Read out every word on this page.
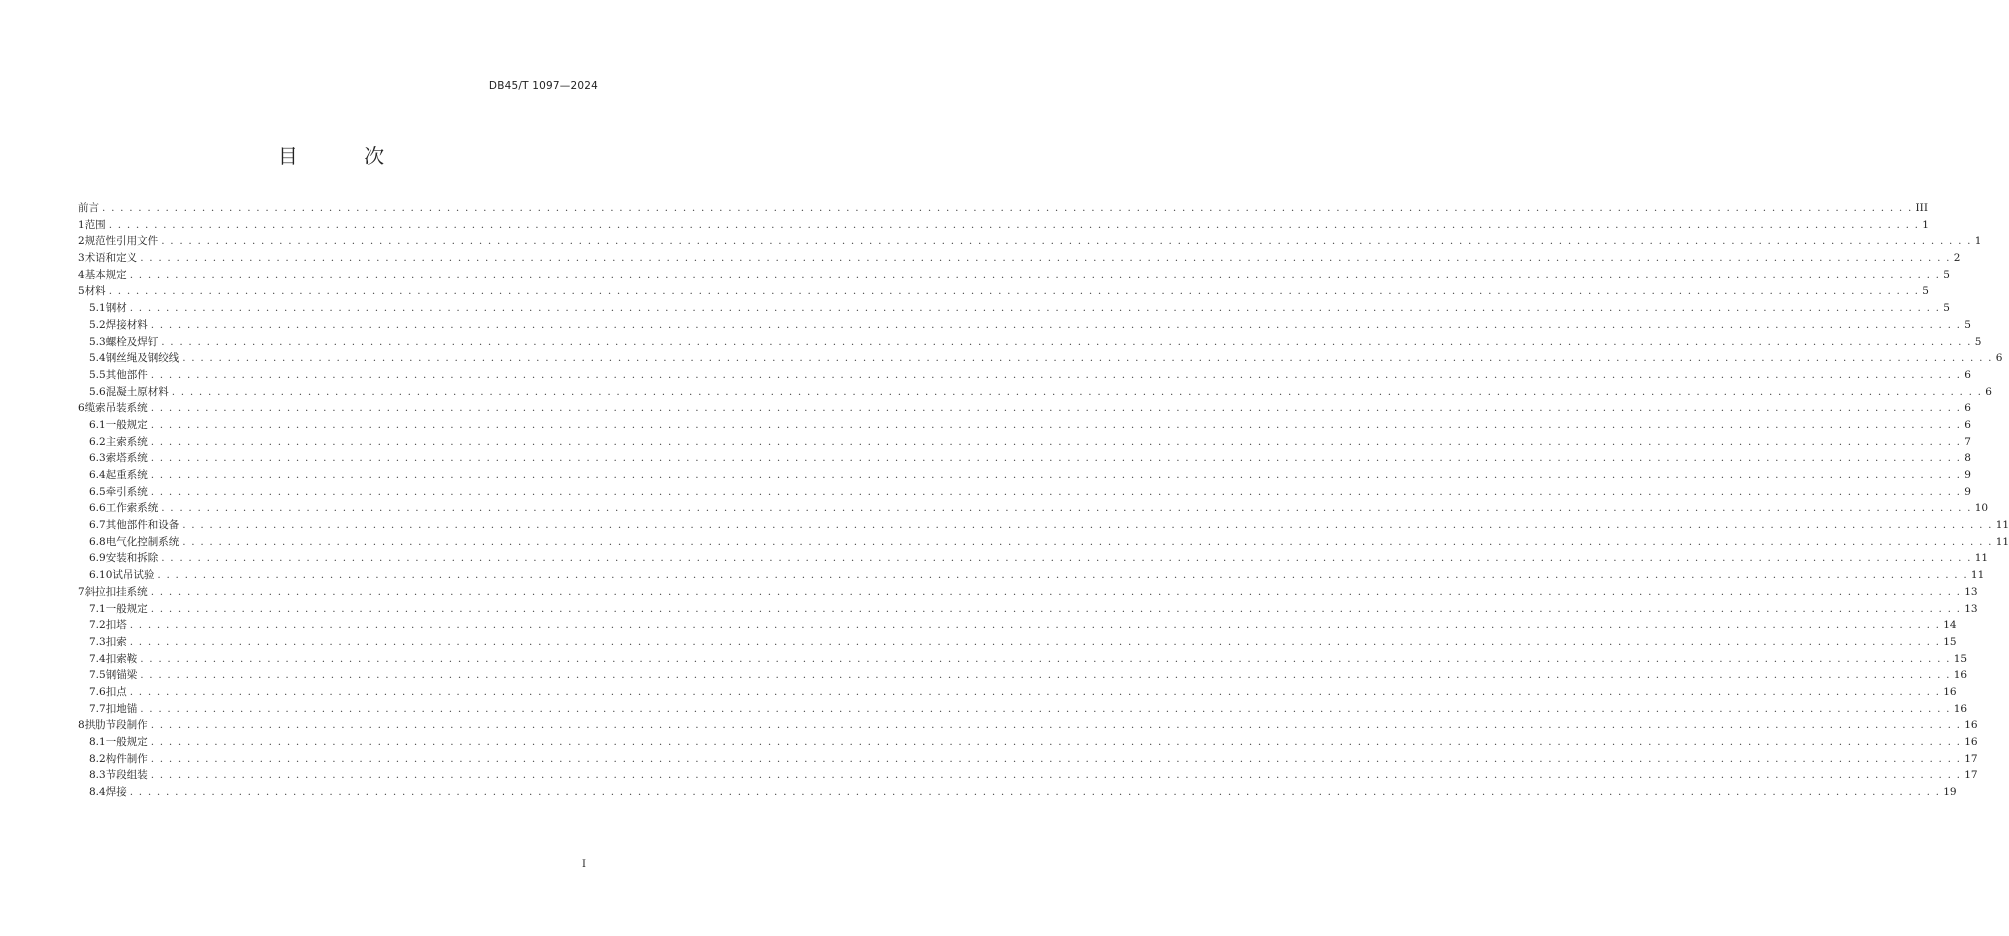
DB45/T 1097—2024
目 次
前言 . . . . . . . . . . . . . . . . . . . . . . . . . . . . . . . . . . . . . . . . . . . . . . . . . . . . . . . . . . . . . . . . . . . . . . . . . . . . . . . . . . . . . . . . . . . . . . . . . . . . . . . . . . . . . . . . . . . . . . . . . . . . . . . . . . . . . . . . . . . . . . . . . . . . . . . . . . . . . . . . . . . . . . . . . . . . . . . . . . . . . . . . . . . . . . . . . . . . . . . . III
1 范围 . . . . . . . . . . . . . . . . . . . . . . . . . . . . . . . . . . . . . . . . . . . . . . . . . . . . . . . . . . . . . . . . . . . . . . . . . . . . . . . . . . . . . . . . . . . . . . . . . . . . . . . . . . . . . . . . . . . . . . . . . . . . . . . . . . . . . . . . . . . . . . . . . . . . . . . . . . . . . . . . . . . . . . . . . . . . . . . . . . . . . . . . . . . . . . . . . . . . . . . . 1
2 规范性引用文件 . . . . . . . . . . . . . . . . . . . . . . . . . . . . . . . . . . . . . . . . . . . . . . . . . . . . . . . . . . . . . . . . . . . . . . . . . . . . . . . . . . . . . . . . . . . . . . . . . . . . . . . . . . . . . . . . . . . . . . . . . . . . . . . . . . . . . . . . . . . . . . . . . . . . . . . . . . . . . . . . . . . . . . . . . . . . . . . . . . . . . . . . . . . . . . . . . . . . . . . . 1
3 术语和定义 . . . . . . . . . . . . . . . . . . . . . . . . . . . . . . . . . . . . . . . . . . . . . . . . . . . . . . . . . . . . . . . . . . . . . . . . . . . . . . . . . . . . . . . . . . . . . . . . . . . . . . . . . . . . . . . . . . . . . . . . . . . . . . . . . . . . . . . . . . . . . . . . . . . . . . . . . . . . . . . . . . . . . . . . . . . . . . . . . . . . . . . . . . . . . . . . . . . . . . . . 2
4 基本规定 . . . . . . . . . . . . . . . . . . . . . . . . . . . . . . . . . . . . . . . . . . . . . . . . . . . . . . . . . . . . . . . . . . . . . . . . . . . . . . . . . . . . . . . . . . . . . . . . . . . . . . . . . . . . . . . . . . . . . . . . . . . . . . . . . . . . . . . . . . . . . . . . . . . . . . . . . . . . . . . . . . . . . . . . . . . . . . . . . . . . . . . . . . . . . . . . . . . . . . . . 5
5 材料 . . . . . . . . . . . . . . . . . . . . . . . . . . . . . . . . . . . . . . . . . . . . . . . . . . . . . . . . . . . . . . . . . . . . . . . . . . . . . . . . . . . . . . . . . . . . . . . . . . . . . . . . . . . . . . . . . . . . . . . . . . . . . . . . . . . . . . . . . . . . . . . . . . . . . . . . . . . . . . . . . . . . . . . . . . . . . . . . . . . . . . . . . . . . . . . . . . . . . . . . 5
5.1 钢材 . . . . . . . . . . . . . . . . . . . . . . . . . . . . . . . . . . . . . . . . . . . . . . . . . . . . . . . . . . . . . . . . . . . . . . . . . . . . . . . . . . . . . . . . . . . . . . . . . . . . . . . . . . . . . . . . . . . . . . . . . . . . . . . . . . . . . . . . . . . . . . . . . . . . . . . . . . . . . . . . . . . . . . . . . . . . . . . . . . . . . . . . . . . . . . . . . . . . . . . . 5
5.2 焊接材料 . . . . . . . . . . . . . . . . . . . . . . . . . . . . . . . . . . . . . . . . . . . . . . . . . . . . . . . . . . . . . . . . . . . . . . . . . . . . . . . . . . . . . . . . . . . . . . . . . . . . . . . . . . . . . . . . . . . . . . . . . . . . . . . . . . . . . . . . . . . . . . . . . . . . . . . . . . . . . . . . . . . . . . . . . . . . . . . . . . . . . . . . . . . . . . . . . . . . . . . . 5
5.3 螺栓及焊钉 . . . . . . . . . . . . . . . . . . . . . . . . . . . . . . . . . . . . . . . . . . . . . . . . . . . . . . . . . . . . . . . . . . . . . . . . . . . . . . . . . . . . . . . . . . . . . . . . . . . . . . . . . . . . . . . . . . . . . . . . . . . . . . . . . . . . . . . . . . . . . . . . . . . . . . . . . . . . . . . . . . . . . . . . . . . . . . . . . . . . . . . . . . . . . . . . . . . . . . . . 5
5.4 钢丝绳及钢绞线 . . . . . . . . . . . . . . . . . . . . . . . . . . . . . . . . . . . . . . . . . . . . . . . . . . . . . . . . . . . . . . . . . . . . . . . . . . . . . . . . . . . . . . . . . . . . . . . . . . . . . . . . . . . . . . . . . . . . . . . . . . . . . . . . . . . . . . . . . . . . . . . . . . . . . . . . . . . . . . . . . . . . . . . . . . . . . . . . . . . . . . . . . . . . . . . . . . . . . . . . 6
5.5 其他部件 . . . . . . . . . . . . . . . . . . . . . . . . . . . . . . . . . . . . . . . . . . . . . . . . . . . . . . . . . . . . . . . . . . . . . . . . . . . . . . . . . . . . . . . . . . . . . . . . . . . . . . . . . . . . . . . . . . . . . . . . . . . . . . . . . . . . . . . . . . . . . . . . . . . . . . . . . . . . . . . . . . . . . . . . . . . . . . . . . . . . . . . . . . . . . . . . . . . . . . . . 6
5.6 混凝土原材料 . . . . . . . . . . . . . . . . . . . . . . . . . . . . . . . . . . . . . . . . . . . . . . . . . . . . . . . . . . . . . . . . . . . . . . . . . . . . . . . . . . . . . . . . . . . . . . . . . . . . . . . . . . . . . . . . . . . . . . . . . . . . . . . . . . . . . . . . . . . . . . . . . . . . . . . . . . . . . . . . . . . . . . . . . . . . . . . . . . . . . . . . . . . . . . . . . . . . . . . . 6
6 缆索吊装系统 . . . . . . . . . . . . . . . . . . . . . . . . . . . . . . . . . . . . . . . . . . . . . . . . . . . . . . . . . . . . . . . . . . . . . . . . . . . . . . . . . . . . . . . . . . . . . . . . . . . . . . . . . . . . . . . . . . . . . . . . . . . . . . . . . . . . . . . . . . . . . . . . . . . . . . . . . . . . . . . . . . . . . . . . . . . . . . . . . . . . . . . . . . . . . . . . . . . . . . . . 6
6.1 一般规定 . . . . . . . . . . . . . . . . . . . . . . . . . . . . . . . . . . . . . . . . . . . . . . . . . . . . . . . . . . . . . . . . . . . . . . . . . . . . . . . . . . . . . . . . . . . . . . . . . . . . . . . . . . . . . . . . . . . . . . . . . . . . . . . . . . . . . . . . . . . . . . . . . . . . . . . . . . . . . . . . . . . . . . . . . . . . . . . . . . . . . . . . . . . . . . . . . . . . . . . . 6
6.2 主索系统 . . . . . . . . . . . . . . . . . . . . . . . . . . . . . . . . . . . . . . . . . . . . . . . . . . . . . . . . . . . . . . . . . . . . . . . . . . . . . . . . . . . . . . . . . . . . . . . . . . . . . . . . . . . . . . . . . . . . . . . . . . . . . . . . . . . . . . . . . . . . . . . . . . . . . . . . . . . . . . . . . . . . . . . . . . . . . . . . . . . . . . . . . . . . . . . . . . . . . . . . 7
6.3 索塔系统 . . . . . . . . . . . . . . . . . . . . . . . . . . . . . . . . . . . . . . . . . . . . . . . . . . . . . . . . . . . . . . . . . . . . . . . . . . . . . . . . . . . . . . . . . . . . . . . . . . . . . . . . . . . . . . . . . . . . . . . . . . . . . . . . . . . . . . . . . . . . . . . . . . . . . . . . . . . . . . . . . . . . . . . . . . . . . . . . . . . . . . . . . . . . . . . . . . . . . . . . 8
6.4 起重系统 . . . . . . . . . . . . . . . . . . . . . . . . . . . . . . . . . . . . . . . . . . . . . . . . . . . . . . . . . . . . . . . . . . . . . . . . . . . . . . . . . . . . . . . . . . . . . . . . . . . . . . . . . . . . . . . . . . . . . . . . . . . . . . . . . . . . . . . . . . . . . . . . . . . . . . . . . . . . . . . . . . . . . . . . . . . . . . . . . . . . . . . . . . . . . . . . . . . . . . . . 9
6.5 牵引系统 . . . . . . . . . . . . . . . . . . . . . . . . . . . . . . . . . . . . . . . . . . . . . . . . . . . . . . . . . . . . . . . . . . . . . . . . . . . . . . . . . . . . . . . . . . . . . . . . . . . . . . . . . . . . . . . . . . . . . . . . . . . . . . . . . . . . . . . . . . . . . . . . . . . . . . . . . . . . . . . . . . . . . . . . . . . . . . . . . . . . . . . . . . . . . . . . . . . . . . . . 9
6.6 工作索系统 . . . . . . . . . . . . . . . . . . . . . . . . . . . . . . . . . . . . . . . . . . . . . . . . . . . . . . . . . . . . . . . . . . . . . . . . . . . . . . . . . . . . . . . . . . . . . . . . . . . . . . . . . . . . . . . . . . . . . . . . . . . . . . . . . . . . . . . . . . . . . . . . . . . . . . . . . . . . . . . . . . . . . . . . . . . . . . . . . . . . . . . . . . . . . . . . . . . . . . . . 10
6.7 其他部件和设备 . . . . . . . . . . . . . . . . . . . . . . . . . . . . . . . . . . . . . . . . . . . . . . . . . . . . . . . . . . . . . . . . . . . . . . . . . . . . . . . . . . . . . . . . . . . . . . . . . . . . . . . . . . . . . . . . . . . . . . . . . . . . . . . . . . . . . . . . . . . . . . . . . . . . . . . . . . . . . . . . . . . . . . . . . . . . . . . . . . . . . . . . . . . . . . . . . . . . . . . . 11
6.8 电气化控制系统 . . . . . . . . . . . . . . . . . . . . . . . . . . . . . . . . . . . . . . . . . . . . . . . . . . . . . . . . . . . . . . . . . . . . . . . . . . . . . . . . . . . . . . . . . . . . . . . . . . . . . . . . . . . . . . . . . . . . . . . . . . . . . . . . . . . . . . . . . . . . . . . . . . . . . . . . . . . . . . . . . . . . . . . . . . . . . . . . . . . . . . . . . . . . . . . . . . . . . . . . 11
6.9 安装和拆除 . . . . . . . . . . . . . . . . . . . . . . . . . . . . . . . . . . . . . . . . . . . . . . . . . . . . . . . . . . . . . . . . . . . . . . . . . . . . . . . . . . . . . . . . . . . . . . . . . . . . . . . . . . . . . . . . . . . . . . . . . . . . . . . . . . . . . . . . . . . . . . . . . . . . . . . . . . . . . . . . . . . . . . . . . . . . . . . . . . . . . . . . . . . . . . . . . . . . . . . . 11
6.10 试吊试验 . . . . . . . . . . . . . . . . . . . . . . . . . . . . . . . . . . . . . . . . . . . . . . . . . . . . . . . . . . . . . . . . . . . . . . . . . . . . . . . . . . . . . . . . . . . . . . . . . . . . . . . . . . . . . . . . . . . . . . . . . . . . . . . . . . . . . . . . . . . . . . . . . . . . . . . . . . . . . . . . . . . . . . . . . . . . . . . . . . . . . . . . . . . . . . . . . . . . . . . . 11
7 斜拉扣挂系统 . . . . . . . . . . . . . . . . . . . . . . . . . . . . . . . . . . . . . . . . . . . . . . . . . . . . . . . . . . . . . . . . . . . . . . . . . . . . . . . . . . . . . . . . . . . . . . . . . . . . . . . . . . . . . . . . . . . . . . . . . . . . . . . . . . . . . . . . . . . . . . . . . . . . . . . . . . . . . . . . . . . . . . . . . . . . . . . . . . . . . . . . . . . . . . . . . . . . . . . . 13
7.1 一般规定 . . . . . . . . . . . . . . . . . . . . . . . . . . . . . . . . . . . . . . . . . . . . . . . . . . . . . . . . . . . . . . . . . . . . . . . . . . . . . . . . . . . . . . . . . . . . . . . . . . . . . . . . . . . . . . . . . . . . . . . . . . . . . . . . . . . . . . . . . . . . . . . . . . . . . . . . . . . . . . . . . . . . . . . . . . . . . . . . . . . . . . . . . . . . . . . . . . . . . . . . 13
7.2 扣塔 . . . . . . . . . . . . . . . . . . . . . . . . . . . . . . . . . . . . . . . . . . . . . . . . . . . . . . . . . . . . . . . . . . . . . . . . . . . . . . . . . . . . . . . . . . . . . . . . . . . . . . . . . . . . . . . . . . . . . . . . . . . . . . . . . . . . . . . . . . . . . . . . . . . . . . . . . . . . . . . . . . . . . . . . . . . . . . . . . . . . . . . . . . . . . . . . . . . . . . . . 14
7.3 扣索 . . . . . . . . . . . . . . . . . . . . . . . . . . . . . . . . . . . . . . . . . . . . . . . . . . . . . . . . . . . . . . . . . . . . . . . . . . . . . . . . . . . . . . . . . . . . . . . . . . . . . . . . . . . . . . . . . . . . . . . . . . . . . . . . . . . . . . . . . . . . . . . . . . . . . . . . . . . . . . . . . . . . . . . . . . . . . . . . . . . . . . . . . . . . . . . . . . . . . . . . 15
7.4 扣索鞍 . . . . . . . . . . . . . . . . . . . . . . . . . . . . . . . . . . . . . . . . . . . . . . . . . . . . . . . . . . . . . . . . . . . . . . . . . . . . . . . . . . . . . . . . . . . . . . . . . . . . . . . . . . . . . . . . . . . . . . . . . . . . . . . . . . . . . . . . . . . . . . . . . . . . . . . . . . . . . . . . . . . . . . . . . . . . . . . . . . . . . . . . . . . . . . . . . . . . . . . . 15
7.5 钢锚梁 . . . . . . . . . . . . . . . . . . . . . . . . . . . . . . . . . . . . . . . . . . . . . . . . . . . . . . . . . . . . . . . . . . . . . . . . . . . . . . . . . . . . . . . . . . . . . . . . . . . . . . . . . . . . . . . . . . . . . . . . . . . . . . . . . . . . . . . . . . . . . . . . . . . . . . . . . . . . . . . . . . . . . . . . . . . . . . . . . . . . . . . . . . . . . . . . . . . . . . . . 16
7.6 扣点 . . . . . . . . . . . . . . . . . . . . . . . . . . . . . . . . . . . . . . . . . . . . . . . . . . . . . . . . . . . . . . . . . . . . . . . . . . . . . . . . . . . . . . . . . . . . . . . . . . . . . . . . . . . . . . . . . . . . . . . . . . . . . . . . . . . . . . . . . . . . . . . . . . . . . . . . . . . . . . . . . . . . . . . . . . . . . . . . . . . . . . . . . . . . . . . . . . . . . . . . 16
7.7 扣地锚 . . . . . . . . . . . . . . . . . . . . . . . . . . . . . . . . . . . . . . . . . . . . . . . . . . . . . . . . . . . . . . . . . . . . . . . . . . . . . . . . . . . . . . . . . . . . . . . . . . . . . . . . . . . . . . . . . . . . . . . . . . . . . . . . . . . . . . . . . . . . . . . . . . . . . . . . . . . . . . . . . . . . . . . . . . . . . . . . . . . . . . . . . . . . . . . . . . . . . . . . 16
8 拱肋节段制作 . . . . . . . . . . . . . . . . . . . . . . . . . . . . . . . . . . . . . . . . . . . . . . . . . . . . . . . . . . . . . . . . . . . . . . . . . . . . . . . . . . . . . . . . . . . . . . . . . . . . . . . . . . . . . . . . . . . . . . . . . . . . . . . . . . . . . . . . . . . . . . . . . . . . . . . . . . . . . . . . . . . . . . . . . . . . . . . . . . . . . . . . . . . . . . . . . . . . . . . . 16
8.1 一般规定 . . . . . . . . . . . . . . . . . . . . . . . . . . . . . . . . . . . . . . . . . . . . . . . . . . . . . . . . . . . . . . . . . . . . . . . . . . . . . . . . . . . . . . . . . . . . . . . . . . . . . . . . . . . . . . . . . . . . . . . . . . . . . . . . . . . . . . . . . . . . . . . . . . . . . . . . . . . . . . . . . . . . . . . . . . . . . . . . . . . . . . . . . . . . . . . . . . . . . . . . 16
8.2 构件制作 . . . . . . . . . . . . . . . . . . . . . . . . . . . . . . . . . . . . . . . . . . . . . . . . . . . . . . . . . . . . . . . . . . . . . . . . . . . . . . . . . . . . . . . . . . . . . . . . . . . . . . . . . . . . . . . . . . . . . . . . . . . . . . . . . . . . . . . . . . . . . . . . . . . . . . . . . . . . . . . . . . . . . . . . . . . . . . . . . . . . . . . . . . . . . . . . . . . . . . . . 17
8.3 节段组装 . . . . . . . . . . . . . . . . . . . . . . . . . . . . . . . . . . . . . . . . . . . . . . . . . . . . . . . . . . . . . . . . . . . . . . . . . . . . . . . . . . . . . . . . . . . . . . . . . . . . . . . . . . . . . . . . . . . . . . . . . . . . . . . . . . . . . . . . . . . . . . . . . . . . . . . . . . . . . . . . . . . . . . . . . . . . . . . . . . . . . . . . . . . . . . . . . . . . . . . . 17
8.4 焊接 . . . . . . . . . . . . . . . . . . . . . . . . . . . . . . . . . . . . . . . . . . . . . . . . . . . . . . . . . . . . . . . . . . . . . . . . . . . . . . . . . . . . . . . . . . . . . . . . . . . . . . . . . . . . . . . . . . . . . . . . . . . . . . . . . . . . . . . . . . . . . . . . . . . . . . . . . . . . . . . . . . . . . . . . . . . . . . . . . . . . . . . . . . . . . . . . . . . . . . . . 19
I
